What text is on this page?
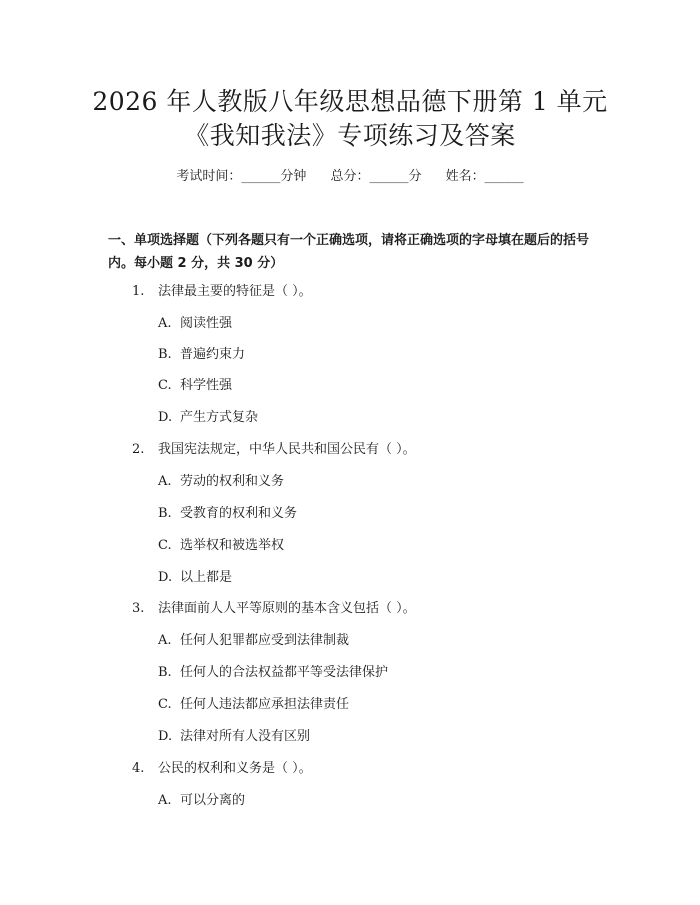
2026 年人教版八年级思想品德下册第 1 单元
《我知我法》专项练习及答案
考试时间：______分钟 总分：______分 姓名：______
一、单项选择题（下列各题只有一个正确选项，请将正确选项的字母填在题后的括号内。每小题 2 分，共 30 分）
1. 法律最主要的特征是（ ）。
A. 阅读性强
B. 普遍约束力
C. 科学性强
D. 产生方式复杂
2. 我国宪法规定，中华人民共和国公民有（ ）。
A. 劳动的权利和义务
B. 受教育的权利和义务
C. 选举权和被选举权
D. 以上都是
3. 法律面前人人平等原则的基本含义包括（ ）。
A. 任何人犯罪都应受到法律制裁
B. 任何人的合法权益都平等受法律保护
C. 任何人违法都应承担法律责任
D. 法律对所有人没有区别
4. 公民的权利和义务是（ ）。
A. 可以分离的
